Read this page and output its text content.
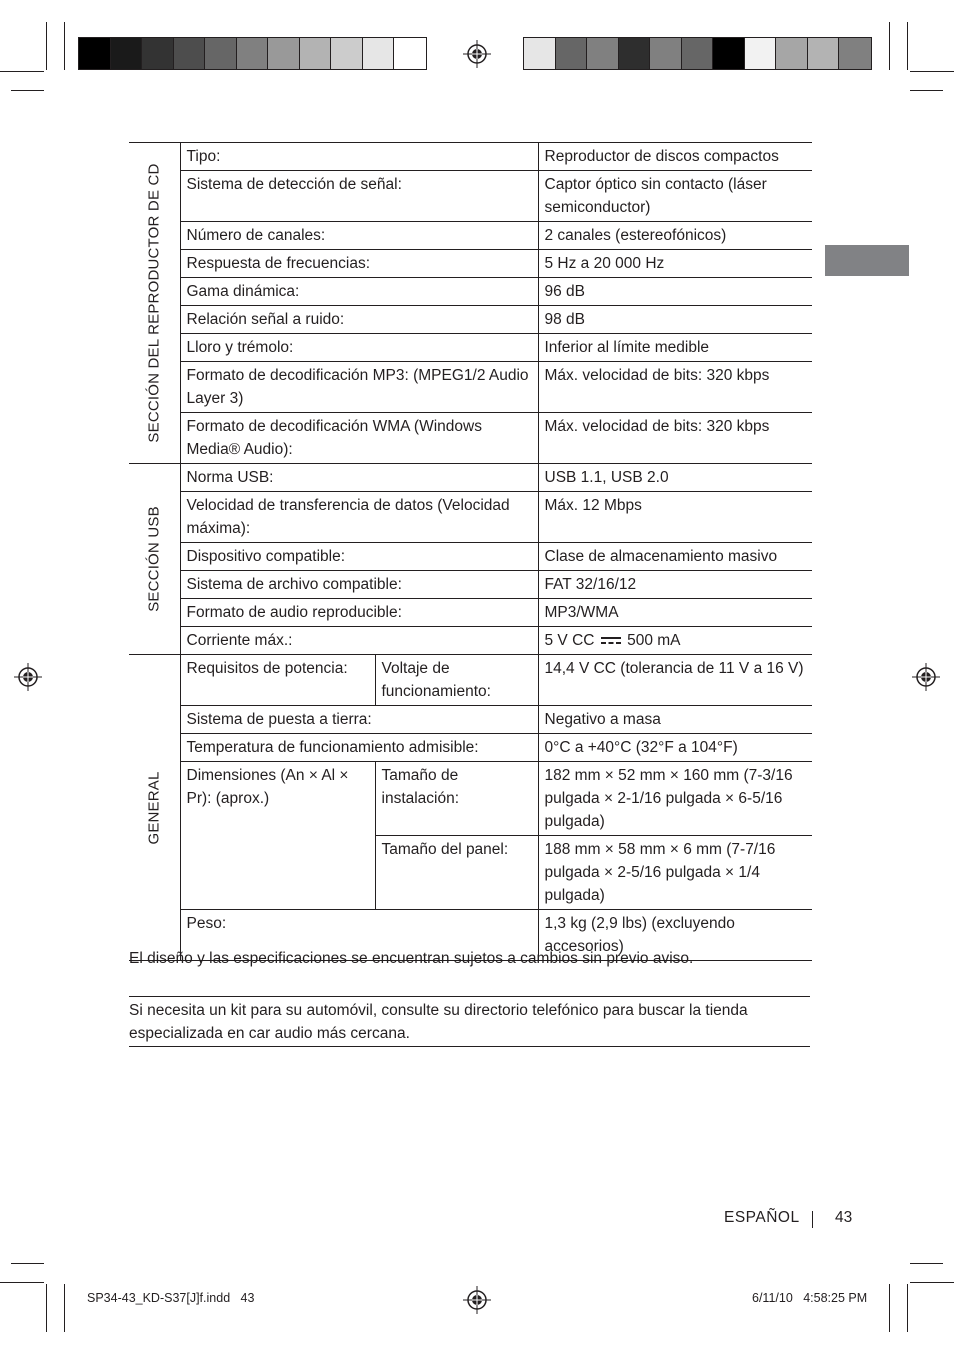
SECCIÓN DEL REPRODUCTOR DE CD	Tipo:		Reproductor de discos compactos
	Sistema de detección de señal:		Captor óptico sin contacto (láser semiconductor)
	Número de canales:		2 canales (estereofónicos)
	Respuesta de frecuencias:		5 Hz a 20 000 Hz
	Gama dinámica:		96 dB
	Relación señal a ruido:		98 dB
	Lloro y trémolo:		Inferior al límite medible
	Formato de decodificación MP3: (MPEG1/2 Audio Layer 3)		Máx. velocidad de bits: 320 kbps
	Formato de decodificación WMA (Windows Media® Audio):		Máx. velocidad de bits: 320 kbps

SECCIÓN USB	Norma USB:		USB 1.1, USB 2.0
	Velocidad de transferencia de datos (Velocidad máxima):		Máx. 12 Mbps
	Dispositivo compatible:		Clase de almacenamiento masivo
	Sistema de archivo compatible:		FAT 32/16/12
	Formato de audio reproducible:		MP3/WMA
	Corriente máx.:		5 V CC 500 mA

GENERAL	Requisitos de potencia:	Voltaje de funcionamiento:	14,4 V CC (tolerancia de 11 V a 16 V)
	Sistema de puesta a tierra:		Negativo a masa
	Temperatura de funcionamiento admisible:		0°C a +40°C (32°F a 104°F)
	Dimensiones (An × Al × Pr): (aprox.)	Tamaño de instalación:	182 mm × 52 mm × 160 mm (7-3/16 pulgada × 2-1/16 pulgada × 6-5/16 pulgada)
		Tamaño del panel:	188 mm × 58 mm × 6 mm (7-7/16 pulgada × 2-5/16 pulgada × 1/4 pulgada)
	Peso:		1,3 kg (2,9 lbs) (excluyendo accesorios)
El diseño y las especificaciones se encuentran sujetos a cambios sin previo aviso.
Si necesita un kit para su automóvil, consulte su directorio telefónico para buscar la tienda especializada en car audio más cercana.
ESPAÑOL 43
SP34-43_KD-S37[J]f.indd   43	6/11/10   4:58:25 PM
